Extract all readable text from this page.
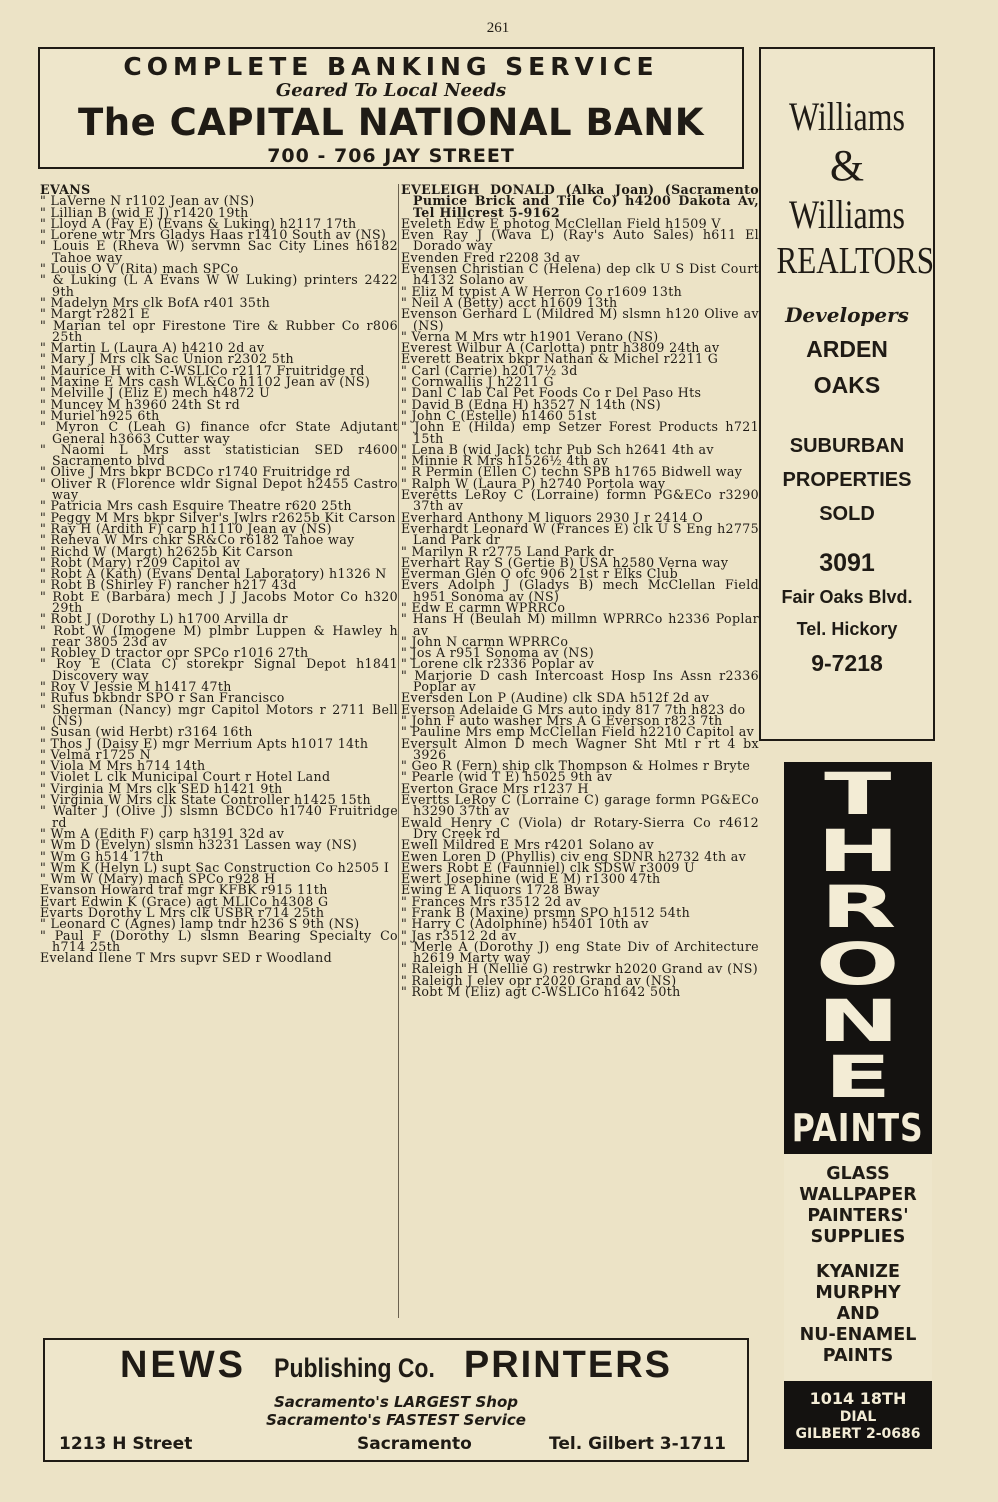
261
COMPLETE BANKING SERVICE
Geared To Local Needs
The CAPITAL NATIONAL BANK
700 - 706 JAY STREET

EVANS

" LaVerne N r1102 Jean av (NS)

" Lillian B (wid E J) r1420 19th

" Lloyd A (Fay E) (Evans & Luking) h2117 17th

" Lorene wtr Mrs Gladys Haas r1410 South av (NS)

" Louis E (Rheva W) servmn Sac City Lines h6182 Tahoe way

" Louis O V (Rita) mach SPCo

" & Luking (L A Evans W W Luking) printers 2422 9th

" Madelyn Mrs clk BofA r401 35th

" Margt r2821 E

" Marian tel opr Firestone Tire & Rubber Co r806 25th

" Martin L (Laura A) h4210 2d av

" Mary J Mrs clk Sac Union r2302 5th

" Maurice H with C-WSLICo r2117 Fruitridge rd

" Maxine E Mrs cash WL&Co h1102 Jean av (NS)

" Melville J (Eliz E) mech h4872 U

" Muncey M h3960 24th St rd

" Muriel h925 6th

" Myron C (Leah G) finance ofcr State Adjutant General h3663 Cutter way

" Naomi L Mrs asst statistician SED r4600 Sacramento blvd

" Olive J Mrs bkpr BCDCo r1740 Fruitridge rd

" Oliver R (Florence wldr Signal Depot h2455 Castro way

" Patricia Mrs cash Esquire Theatre r620 25th

" Peggy M Mrs bkpr Silver's Jwlrs r2625b Kit Carson

" Ray H (Ardith F) carp h1110 Jean av (NS)

" Reheva W Mrs chkr SR&Co r6182 Tahoe way

" Richd W (Margt) h2625b Kit Carson

" Robt (Mary) r209 Capitol av

" Robt A (Kath) (Evans Dental Laboratory) h1326 N

" Robt B (Shirley F) rancher h217 43d

" Robt E (Barbara) mech J J Jacobs Motor Co h320 29th

" Robt J (Dorothy L) h1700 Arvilla dr

" Robt W (Imogene M) plmbr Luppen & Hawley h rear 3805 23d av

" Robley D tractor opr SPCo r1016 27th

" Roy E (Clata C) storekpr Signal Depot h1841 Discovery way

" Roy V Jessie M h1417 47th

" Rufus bkbndr SPO r San Francisco

" Sherman (Nancy) mgr Capitol Motors r 2711 Bell (NS)

" Susan (wid Herbt) r3164 16th

" Thos J (Daisy E) mgr Merrium Apts h1017 14th

" Velma r1725 N

" Viola M Mrs h714 14th

" Violet L clk Municipal Court r Hotel Land

" Virginia M Mrs clk SED h1421 9th

" Virginia W Mrs clk State Controller h1425 15th

" Walter J (Olive J) slsmn BCDCo h1740 Fruitridge rd

" Wm A (Edith F) carp h3191 32d av

" Wm D (Evelyn) slsmn h3231 Lassen way (NS)

" Wm G h514 17th

" Wm K (Helyn L) supt Sac Construction Co h2505 I

" Wm W (Mary) mach SPCo r928 H

Evanson Howard traf mgr KFBK r915 11th

Evart Edwin K (Grace) agt MLICo h4308 G

Evarts Dorothy L Mrs clk USBR r714 25th

" Leonard C (Agnes) lamp tndr h236 S 9th (NS)

" Paul F (Dorothy L) slsmn Bearing Specialty Co h714 25th

Eveland Ilene T Mrs supvr SED r Woodland

EVELEIGH DONALD (Alka Joan) (Sacramento Pumice Brick and Tile Co) h4200 Dakota Av, Tel Hillcrest 5-9162

Eveleth Edw E photog McClellan Field h1509 V

Even Ray J (Wava L) (Ray's Auto Sales) h611 El Dorado way

Evenden Fred r2208 3d av

Evensen Christian C (Helena) dep clk U S Dist Court h4132 Solano av

" Eliz M typist A W Herron Co r1609 13th

" Neil A (Betty) acct h1609 13th

Evenson Gerhard L (Mildred M) slsmn h120 Olive av (NS)

" Verna M Mrs wtr h1901 Verano (NS)

Everest Wilbur A (Carlotta) pntr h3809 24th av

Everett Beatrix bkpr Nathan & Michel r2211 G

" Carl (Carrie) h2017½ 3d

" Cornwallis J h2211 G

" Danl C lab Cal Pet Foods Co r Del Paso Hts

" David B (Edna H) h3527 N 14th (NS)

" John C (Estelle) h1460 51st

" John E (Hilda) emp Setzer Forest Products h721 15th

" Lena B (wid Jack) tchr Pub Sch h2641 4th av

" Minnie R Mrs h1526½ 4th av

" R Permin (Ellen C) techn SPB h1765 Bidwell way

" Ralph W (Laura P) h2740 Portola way

Everetts LeRoy C (Lorraine) formn PG&ECo r3290 37th av

Everhard Anthony M liquors 2930 J r 2414 O

Everhardt Leonard W (Frances E) clk U S Eng h2775 Land Park dr

" Marilyn R r2775 Land Park dr

Everhart Ray S (Gertie B) USA h2580 Verna way

Everman Glen O ofc 906 21st r Elks Club

Evers Adolph J (Gladys B) mech McClellan Field h951 Sonoma av (NS)

" Edw E carmn WPRRCo

" Hans H (Beulah M) millmn WPRRCo h2336 Poplar av

" John N carmn WPRRCo

" Jos A r951 Sonoma av (NS)

" Lorene clk r2336 Poplar av

" Marjorie D cash Intercoast Hosp Ins Assn r2336 Poplar av

Eversden Lon P (Audine) clk SDA h512f 2d av

Everson Adelaide G Mrs auto indy 817 7th h823 do

" John F auto washer Mrs A G Everson r823 7th

" Pauline Mrs emp McClellan Field h2210 Capitol av

Eversult Almon D mech Wagner Sht Mtl r rt 4 bx 3926

" Geo R (Fern) ship clk Thompson & Holmes r Bryte

" Pearle (wid T E) h5025 9th av

Everton Grace Mrs r1237 H

Evertts LeRoy C (Lorraine C) garage formn PG&ECo h3290 37th av

Ewald Henry C (Viola) dr Rotary-Sierra Co r4612 Dry Creek rd

Ewell Mildred E Mrs r4201 Solano av

Ewen Loren D (Phyllis) civ eng SDNR h2732 4th av

Ewers Robt E (Faunniel) clk SDSW r3009 U

Ewert Josephine (wid E M) r1300 47th

Ewing E A liquors 1728 Bway

" Frances Mrs r3512 2d av

" Frank B (Maxine) prsmn SPO h1512 54th

" Harry C (Adolphine) h5401 10th av

" Jas r3512 2d av

" Merle A (Dorothy J) eng State Div of Architecture h2619 Marty way

" Raleigh H (Nellie G) restrwkr h2020 Grand av (NS)

" Raleigh J elev opr r2020 Grand av (NS)

" Robt M (Eliz) agt C-WSLICo h1642 50th

Williams
&
Williams
REALTORS
Developers
ARDEN
OAKS
SUBURBAN
PROPERTIES
SOLD
3091
Fair Oaks Blvd.
Tel. Hickory
9-7218
T
H
R
O
N
E
PAINTS
GLASS
WALLPAPER
PAINTERS'
SUPPLIES
KYANIZE
MURPHY
AND
NU-ENAMEL
PAINTS
1014 18TH
DIAL
GILBERT 2-0686
NEWS Publishing Co. PRINTERS
Sacramento's LARGEST Shop
Sacramento's FASTEST Service
1213 H Street	Sacramento	Tel. Gilbert 3-1711
